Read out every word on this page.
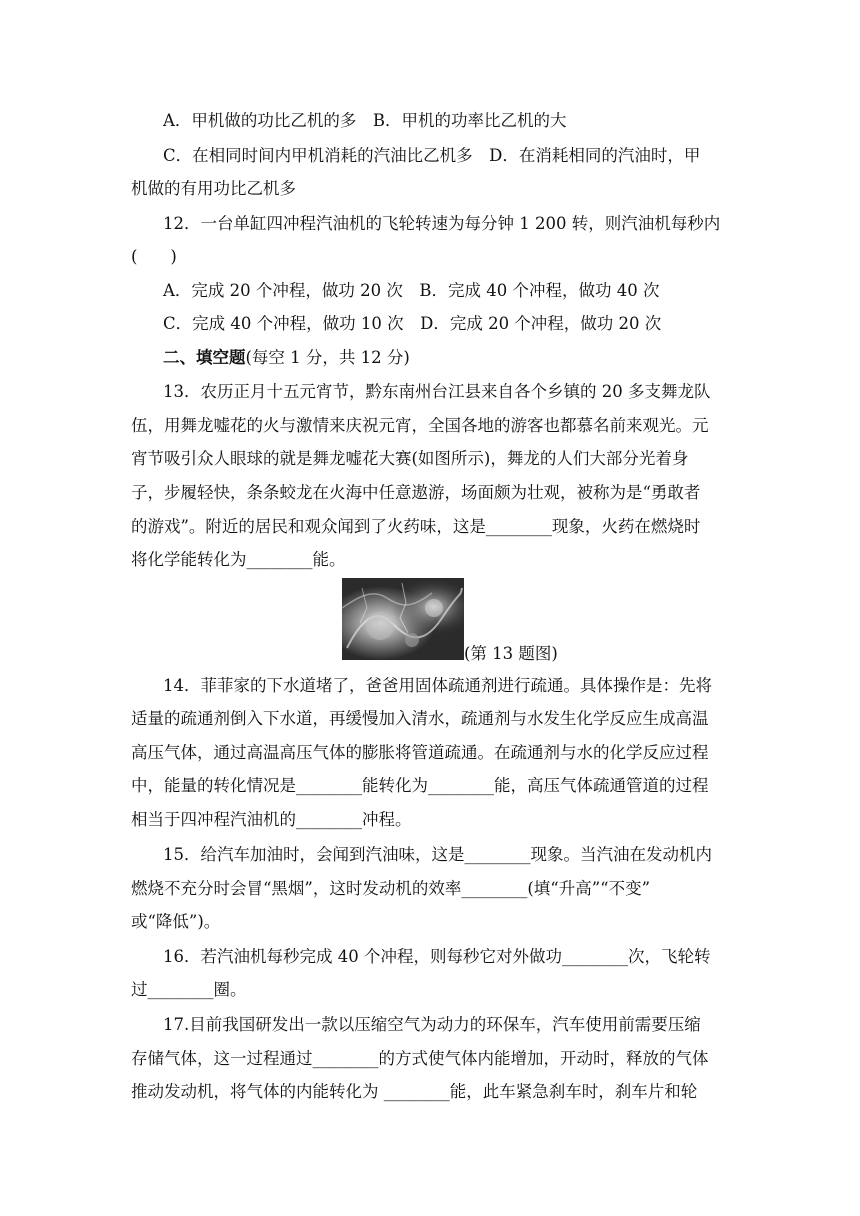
A．甲机做的功比乙机的多　B．甲机的功率比乙机的大
C．在相同时间内甲机消耗的汽油比乙机多　D．在消耗相同的汽油时，甲
机做的有用功比乙机多
12．一台单缸四冲程汽油机的飞轮转速为每分钟 1 200 转，则汽油机每秒内
(　　)
A．完成 20 个冲程，做功 20 次　B．完成 40 个冲程，做功 40 次
C．完成 40 个冲程，做功 10 次　D．完成 20 个冲程，做功 20 次
二、填空题(每空 1 分，共 12 分)
13．农历正月十五元宵节，黔东南州台江县来自各个乡镇的 20 多支舞龙队
伍，用舞龙嘘花的火与激情来庆祝元宵，全国各地的游客也都慕名前来观光。元
宵节吸引众人眼球的就是舞龙嘘花大赛(如图所示)，舞龙的人们大部分光着身
子，步履轻快，条条蛟龙在火海中任意遨游，场面颇为壮观，被称为是“勇敢者
的游戏”。附近的居民和观众闻到了火药味，这是________现象，火药在燃烧时
将化学能转化为________能。
(第 13 题图)
14．菲菲家的下水道堵了，爸爸用固体疏通剂进行疏通。具体操作是：先将
适量的疏通剂倒入下水道，再缓慢加入清水，疏通剂与水发生化学反应生成高温
高压气体，通过高温高压气体的膨胀将管道疏通。在疏通剂与水的化学反应过程
中，能量的转化情况是________能转化为________能，高压气体疏通管道的过程
相当于四冲程汽油机的________冲程。
15．给汽车加油时，会闻到汽油味，这是________现象。当汽油在发动机内
燃烧不充分时会冒“黑烟”，这时发动机的效率________(填“升高”“不变”
或“降低”)。
16．若汽油机每秒完成 40 个冲程，则每秒它对外做功________次，飞轮转
过________圈。
17.目前我国研发出一款以压缩空气为动力的环保车，汽车使用前需要压缩
存储气体，这一过程通过________的方式使气体内能增加，开动时，释放的气体
推动发动机，将气体的内能转化为 ________能，此车紧急刹车时，刹车片和轮
